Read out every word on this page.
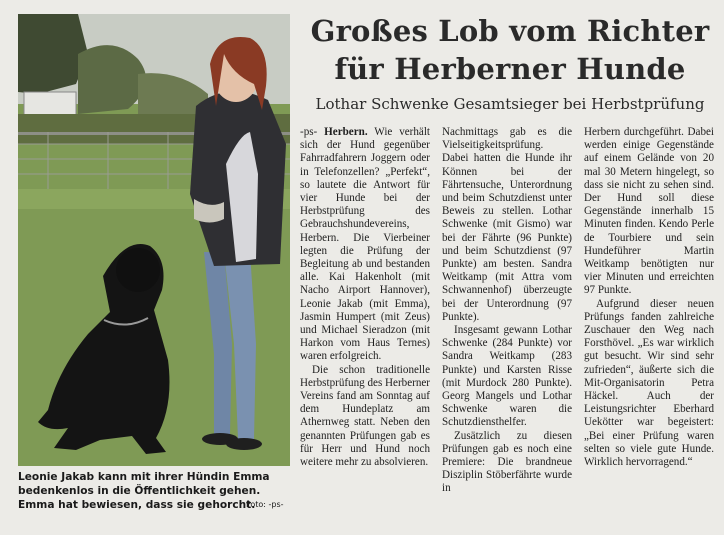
Leonie Jakab kann mit ihrer Hündin Emma bedenkenlos in die Öffentlichkeit gehen. Emma hat bewiesen, dass sie gehorcht.
Foto: -ps-
Großes Lob vom Richter
für Herberner Hunde
Lothar Schwenke Gesamtsieger bei Herbstprüfung

-ps- Herbern. Wie verhält sich der Hund gegenüber Fahrradfahrern Joggern oder in Telefonzellen? „Perfekt“, so lautete die Antwort für vier Hunde bei der Herbstprüfung des Gebrauchshundevereins, Herbern. Die Vierbeiner legten die Prüfung der Begleitung ab und bestanden alle. Kai Hakenholt (mit Nacho Airport Hannover), Leonie Jakab (mit Emma), Jasmin Humpert (mit Zeus) und Michael Sieradzon (mit Harkon vom Haus Ternes) waren erfolgreich.

Die schon traditionelle Herbstprüfung des Herberner Vereins fand am Sonntag auf dem Hundeplatz am Athernweg statt. Neben den genannten Prüfungen gab es für Herr und Hund noch weitere mehr zu absolvieren.

Nachmittags gab es die Vielseitigkeitsprüfung. Dabei hatten die Hunde ihr Können bei der Fährtensuche, Unterordnung und beim Schutzdienst unter Beweis zu stellen. Lothar Schwenke (mit Gismo) war bei der Fährte (96 Punkte) und beim Schutzdienst (97 Punkte) am besten. Sandra Weitkamp (mit Attra vom Schwannenhof) überzeugte bei der Unterordnung (97 Punkte).

Insgesamt gewann Lothar Schwenke (284 Punkte) vor Sandra Weitkamp (283 Punkte) und Karsten Risse (mit Murdock 280 Punkte). Georg Mangels und Lothar Schwenke waren die Schutzdiensthelfer.

Zusätzlich zu diesen Prüfungen gab es noch eine Premiere: Die brandneue Disziplin Stöberfährte wurde in

Herbern durchgeführt. Dabei werden einige Gegenstände auf einem Gelände von 20 mal 30 Metern hingelegt, so dass sie nicht zu sehen sind. Der Hund soll diese Gegenstände innerhalb 15 Minuten finden. Kendo Perle de Tourbiere und sein Hundeführer Martin Weitkamp benötigten nur vier Minuten und erreichten 97 Punkte.

Aufgrund dieser neuen Prüfungs fanden zahlreiche Zuschauer den Weg nach Forsthövel. „Es war wirklich gut besucht. Wir sind sehr zufrieden“, äußerte sich die Mit-Organisatorin Petra Häckel. Auch der Leistungsrichter Eberhard Uekötter war begeistert: „Bei einer Prüfung waren selten so viele gute Hunde. Wirklich hervorragend.“
